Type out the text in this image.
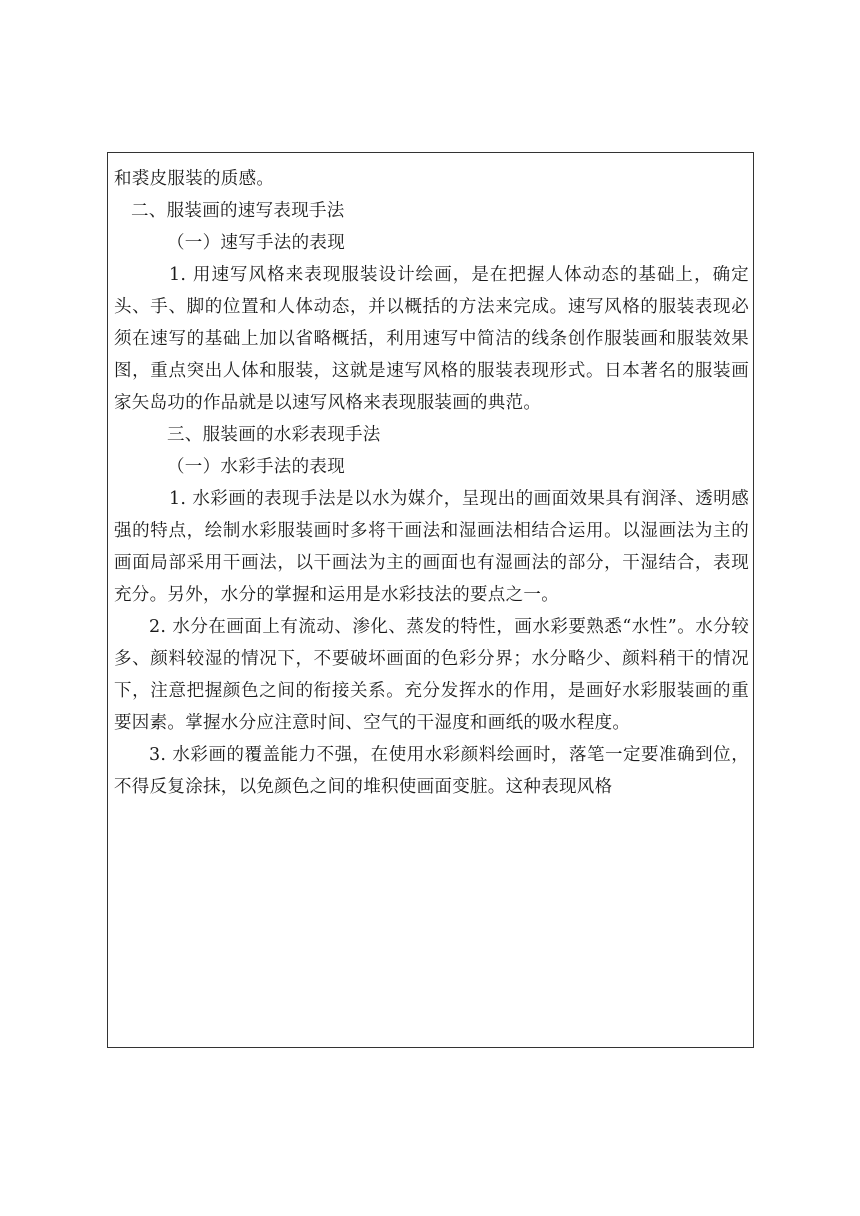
和裘皮服装的质感。

二、服装画的速写表现手法

（一）速写手法的表现

1. 用速写风格来表现服装设计绘画，是在把握人体动态的基础上，确定头、手、脚的位置和人体动态，并以概括的方法来完成。速写风格的服装表现必须在速写的基础上加以省略概括，利用速写中简洁的线条创作服装画和服装效果图，重点突出人体和服装，这就是速写风格的服装表现形式。日本著名的服装画家矢岛功的作品就是以速写风格来表现服装画的典范。

三、服装画的水彩表现手法

（一）水彩手法的表现

1. 水彩画的表现手法是以水为媒介，呈现出的画面效果具有润泽、透明感强的特点，绘制水彩服装画时多将干画法和湿画法相结合运用。以湿画法为主的画面局部采用干画法，以干画法为主的画面也有湿画法的部分，干湿结合，表现充分。另外，水分的掌握和运用是水彩技法的要点之一。

2. 水分在画面上有流动、渗化、蒸发的特性，画水彩要熟悉“水性”。水分较多、颜料较湿的情况下，不要破坏画面的色彩分界；水分略少、颜料稍干的情况下，注意把握颜色之间的衔接关系。充分发挥水的作用，是画好水彩服装画的重要因素。掌握水分应注意时间、空气的干湿度和画纸的吸水程度。

3. 水彩画的覆盖能力不强，在使用水彩颜料绘画时，落笔一定要准确到位，不得反复涂抹，以免颜色之间的堆积使画面变脏。这种表现风格
